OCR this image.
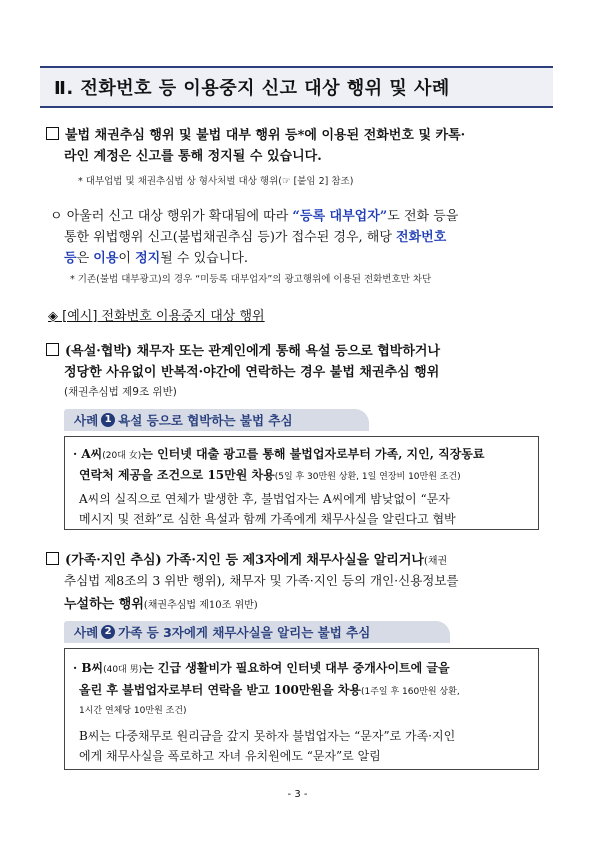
Ⅱ. 전화번호 등 이용중지 신고 대상 행위 및 사례
불법 채권추심 행위 및 불법 대부 행위 등*에 이용된 전화번호 및 카톡·
라인 계정은 신고를 통해 정지될 수 있습니다.
* 대부업법 및 채권추심법 상 형사처벌 대상 행위(☞ [붙임 2] 참조)
ㅇ 아울러 신고 대상 행위가 확대됨에 따라 “등록 대부업자”도 전화 등을
통한 위법행위 신고(불법채권추심 등)가 접수된 경우, 해당 전화번호
등은 이용이 정지될 수 있습니다.
* 기존(불법 대부광고)의 경우 “미등록 대부업자”의 광고행위에 이용된 전화번호만 차단
◈ [예시] 전화번호 이용중지 대상 행위
(욕설·협박) 채무자 또는 관계인에게 통해 욕설 등으로 협박하거나
정당한 사유없이 반복적·야간에 연락하는 경우 불법 채권추심 행위
(채권추심법 제9조 위반)
사례 1 욕설 등으로 협박하는 불법 추심
· A씨(20대 女)는 인터넷 대출 광고를 통해 불법업자로부터 가족, 지인, 직장동료
연락처 제공을 조건으로 15만원 차용(5일 후 30만원 상환, 1일 연장비 10만원 조건)
A씨의 실직으로 연체가 발생한 후, 불법업자는 A씨에게 밤낮없이 “문자
메시지 및 전화”로 심한 욕설과 함께 가족에게 채무사실을 알린다고 협박
(가족·지인 추심) 가족·지인 등 제3자에게 채무사실을 알리거나(채권
추심법 제8조의 3 위반 행위), 채무자 및 가족·지인 등의 개인·신용정보를
누설하는 행위(채권추심법 제10조 위반)
사례 2 가족 등 3자에게 채무사실을 알리는 불법 추심
· B씨(40대 男)는 긴급 생활비가 필요하여 인터넷 대부 중개사이트에 글을
올린 후 불법업자로부터 연락을 받고 100만원을 차용(1주일 후 160만원 상환,
1시간 연체당 10만원 조건)
B씨는 다중채무로 원리금을 갚지 못하자 불법업자는 “문자”로 가족·지인
에게 채무사실을 폭로하고 자녀 유치원에도 “문자”로 알림
- 3 -
